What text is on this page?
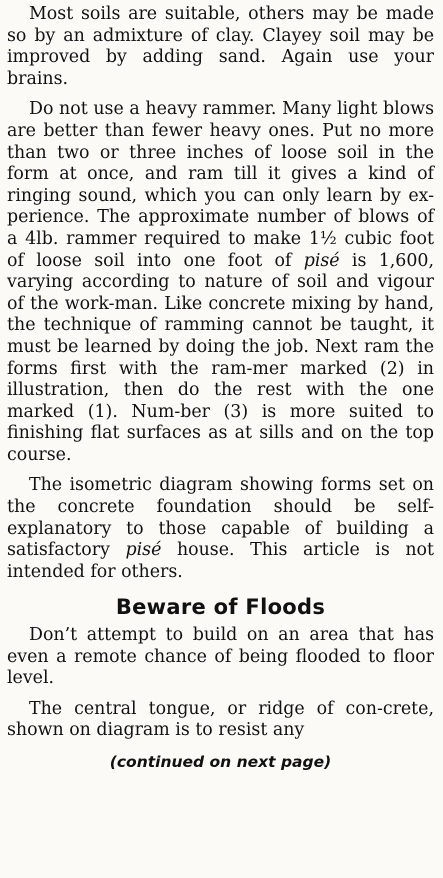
Most soils are suitable, others may be made so by an admixture of clay. Clayey soil may be improved by adding sand. Again use your brains.

Do not use a heavy rammer. Many light blows are better than fewer heavy ones. Put no more than two or three inches of loose soil in the form at once, and ram till it gives a kind of ringing sound, which you can only learn by ex-perience. The approximate number of blows of a 4lb. rammer required to make 1½ cubic foot of loose soil into one foot of pisé is 1,600, varying according to nature of soil and vigour of the work-man. Like concrete mixing by hand, the technique of ramming cannot be taught, it must be learned by doing the job. Next ram the forms first with the ram-mer marked (2) in illustration, then do the rest with the one marked (1). Num-ber (3) is more suited to finishing flat surfaces as at sills and on the top course.

The isometric diagram showing forms set on the concrete foundation should be self-explanatory to those capable of building a satisfactory pisé house. This article is not intended for others.

Beware of Floods

Don’t attempt to build on an area that has even a remote chance of being flooded to floor level.

The central tongue, or ridge of con-crete, shown on diagram is to resist any

(continued on next page)
